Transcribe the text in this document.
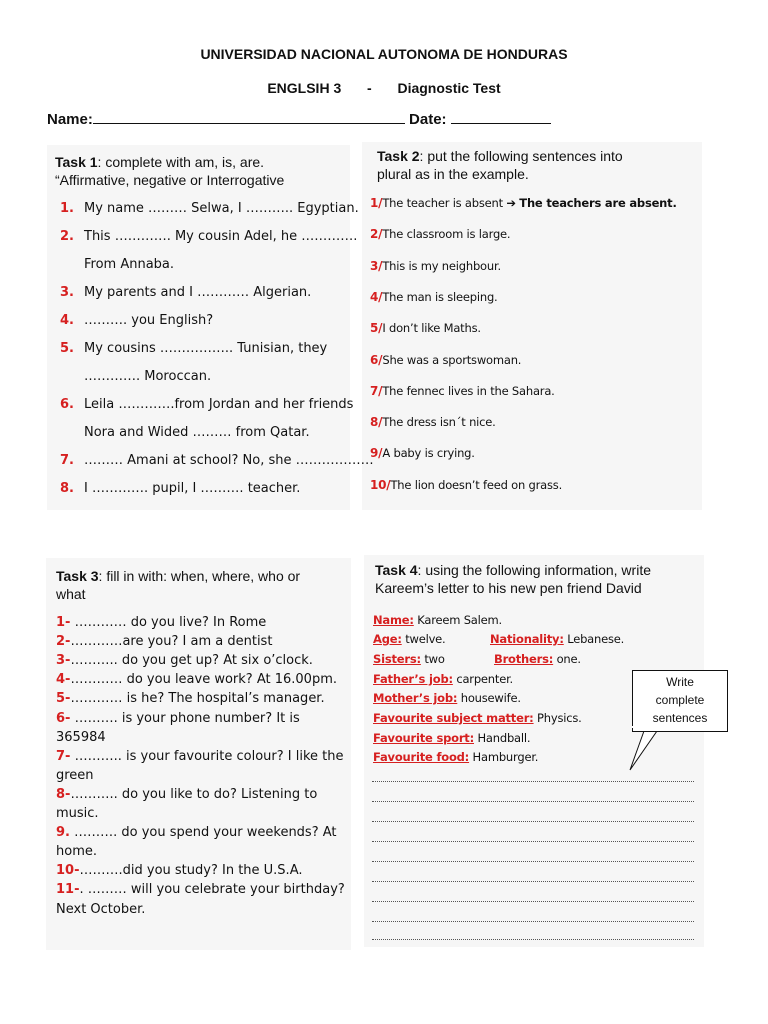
UNIVERSIDAD NACIONAL AUTONOMA DE HONDURAS
ENGLSIH 3 - Diagnostic Test
Name:	Date:
Task 1: complete with am, is, are.
“Affirmative, negative or Interrogative
1. My name ……… Selwa, I ……….. Egyptian.
2. This …………. My cousin Adel, he ………….
From Annaba.
3. My parents and I ………… Algerian.
4. ………. you English?
5. My cousins …………….. Tunisian, they
…………. Moroccan.
6. Leila ………….from Jordan and her friends
Nora and Wided ……… from Qatar.
7. ……… Amani at school? No, she ………………
8. I …………. pupil, I ………. teacher.
Task 2: put the following sentences into
plural as in the example.
1/The teacher is absent ➔ The teachers are absent.
2/The classroom is large.
3/This is my neighbour.
4/The man is sleeping.
5/I don’t like Maths.
6/She was a sportswoman.
7/The fennec lives in the Sahara.
8/The dress isn´t nice.
9/A baby is crying.
10/The lion doesn’t feed on grass.
Task 3: fill in with: when, where, who or
what
1- ………… do you live? In Rome
2-…………are you? I am a dentist
3-……….. do you get up? At six o’clock.
4-………… do you leave work? At 16.00pm.
5-………… is he? The hospital’s manager.
6- ………. is your phone number? It is
365984
7- ……….. is your favourite colour? I like the
green
8-……….. do you like to do? Listening to
music.
9. ………. do you spend your weekends? At
home.
10-……….did you study? In the U.S.A.
11-. ……… will you celebrate your birthday?
Next October.
Task 4: using the following information, write
Kareem’s letter to his new pen friend David
Name: Kareem Salem.
Age: twelve.	Nationality: Lebanese.
Sisters: two	Brothers: one.
Father’s job: carpenter.
Mother’s job: housewife.
Favourite subject matter: Physics.
Favourite sport: Handball.
Favourite food: Hamburger.
Write
complete
sentences
